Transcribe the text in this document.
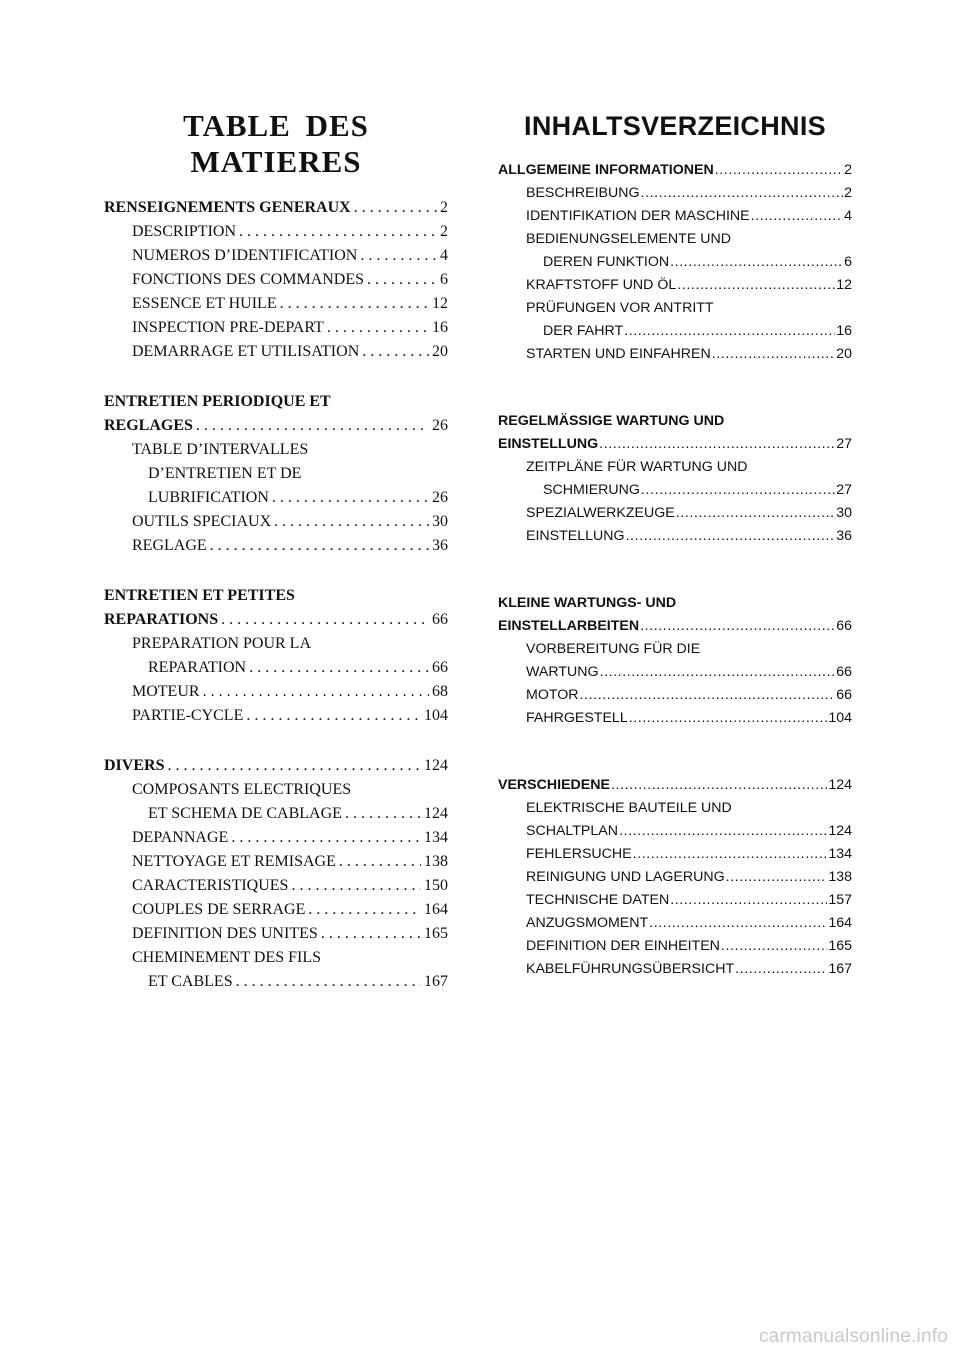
TABLE DES
MATIERES
RENSEIGNEMENTS GENERAUX . . .	2
DESCRIPTION . . .	2
NUMEROS D’IDENTIFICATION . . .	4
FONCTIONS DES COMMANDES . . .	6
ESSENCE ET HUILE . . .	12
INSPECTION PRE-DEPART . . .	16
DEMARRAGE ET UTILISATION . . .	20
ENTRETIEN PERIODIQUE ET
REGLAGES . . .	26
TABLE D’INTERVALLES
D’ENTRETIEN ET DE
LUBRIFICATION . . .	26
OUTILS SPECIAUX . . .	30
REGLAGE . . .	36
ENTRETIEN ET PETITES
REPARATIONS . . .	66
PREPARATION POUR LA
REPARATION . . .	66
MOTEUR . . .	68
PARTIE-CYCLE . . .	104
DIVERS . . .	124
COMPOSANTS ELECTRIQUES
ET SCHEMA DE CABLAGE . . .	124
DEPANNAGE . . .	134
NETTOYAGE ET REMISAGE . . .	138
CARACTERISTIQUES . . .	150
COUPLES DE SERRAGE . . .	164
DEFINITION DES UNITES . . .	165
CHEMINEMENT DES FILS
ET CABLES . . .	167
INHALTSVERZEICHNIS
ALLGEMEINE INFORMATIONEN .....	2
BESCHREIBUNG .....	2
IDENTIFIKATION DER MASCHINE .....	4
BEDIENUNGSELEMENTE UND
DEREN FUNKTION .....	6
KRAFTSTOFF UND ÖL .....	12
PRÜFUNGEN VOR ANTRITT
DER FAHRT .....	16
STARTEN UND EINFAHREN .....	20
REGELMÄSSIGE WARTUNG UND
EINSTELLUNG .....	27
ZEITPLÄNE FÜR WARTUNG UND
SCHMIERUNG .....	27
SPEZIALWERKZEUGE .....	30
EINSTELLUNG .....	36
KLEINE WARTUNGS- UND
EINSTELLARBEITEN .....	66
VORBEREITUNG FÜR DIE
WARTUNG .....	66
MOTOR .....	66
FAHRGESTELL .....	104
VERSCHIEDENE .....	124
ELEKTRISCHE BAUTEILE UND
SCHALTPLAN .....	124
FEHLERSUCHE .....	134
REINIGUNG UND LAGERUNG .....	138
TECHNISCHE DATEN .....	157
ANZUGSMOMENT .....	164
DEFINITION DER EINHEITEN .....	165
KABELFÜHRUNGSÜBERSICHT .....	167
carmanualsonline.info
